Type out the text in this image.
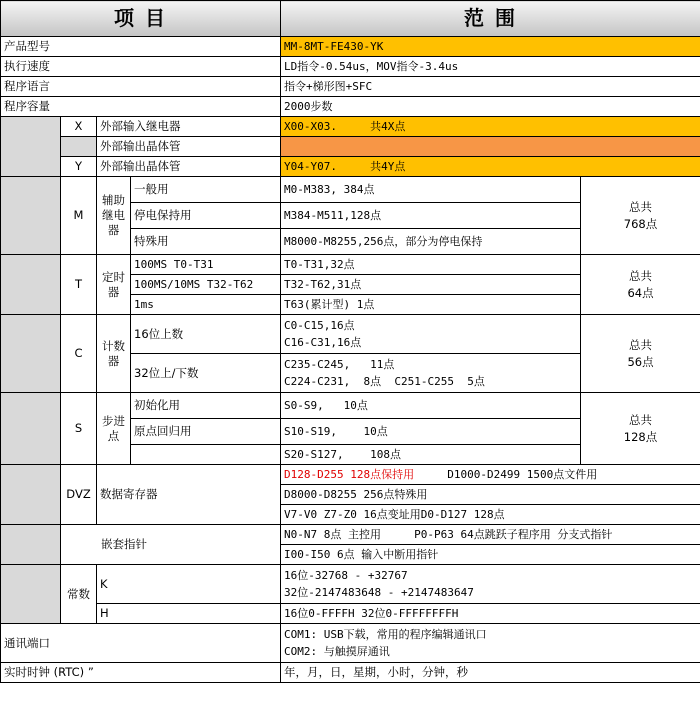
项 目				范 围	
产品型号				MM-8MT-FE430-YK	
执行速度				LD指令-0.54us，MOV指令-3.4us	
程序语言				指令+梯形图+SFC	
程序容量				2000步数	
	X	外部输入继电器		X00-X03.     共4X点	
		外部输出晶体管			
	Y	外部输出晶体管		Y04-Y07.     共4Y点	
	M	辅助继电器	一般用	M0-M383, 384点	总共
768点

			停电保持用	M384-M511,128点	
			特殊用	M8000-M8255,256点，部分为停电保持	
	T	定时器	100MS T0-T31	T0-T31,32点	总共
64点

			100MS/10MS T32-T62	T32-T62,31点	
			1ms	T63(累计型) 1点	
	C	计数器	16位上数	C0-C15,16点
C16-C31,16点	总共
56点

			32位上/下数	C235-C245,   11点
C224-C231,  8点  C251-C255  5点	

	S	步进点	初始化用	S0-S9,   10点	总共
128点

			原点回归用	S10-S19,    10点	
				S20-S127,    108点	
	DVZ	数据寄存器		D128-D255 128点保持用     D1000-D2499 1500点文件用	
				D8000-D8255 256点特殊用	
				V7-V0 Z7-Z0 16点变址用D0-D127 128点	
	嵌套指针			N0-N7 8点 主控用     P0-P63 64点跳跃子程序用 分支式指针	
				I00-I50 6点 输入中断用指针	
	常数	K		16位-32768 - +32767
32位-2147483648 - +2147483647	

		H		16位0-FFFFH 32位0-FFFFFFFFH	
通讯端口				COM1: USB下载，常用的程序编辑通讯口
COM2: 与触摸屏通讯	

实时时钟 (RTC) ”				年，月，日，星期，小时，分钟，秒	
